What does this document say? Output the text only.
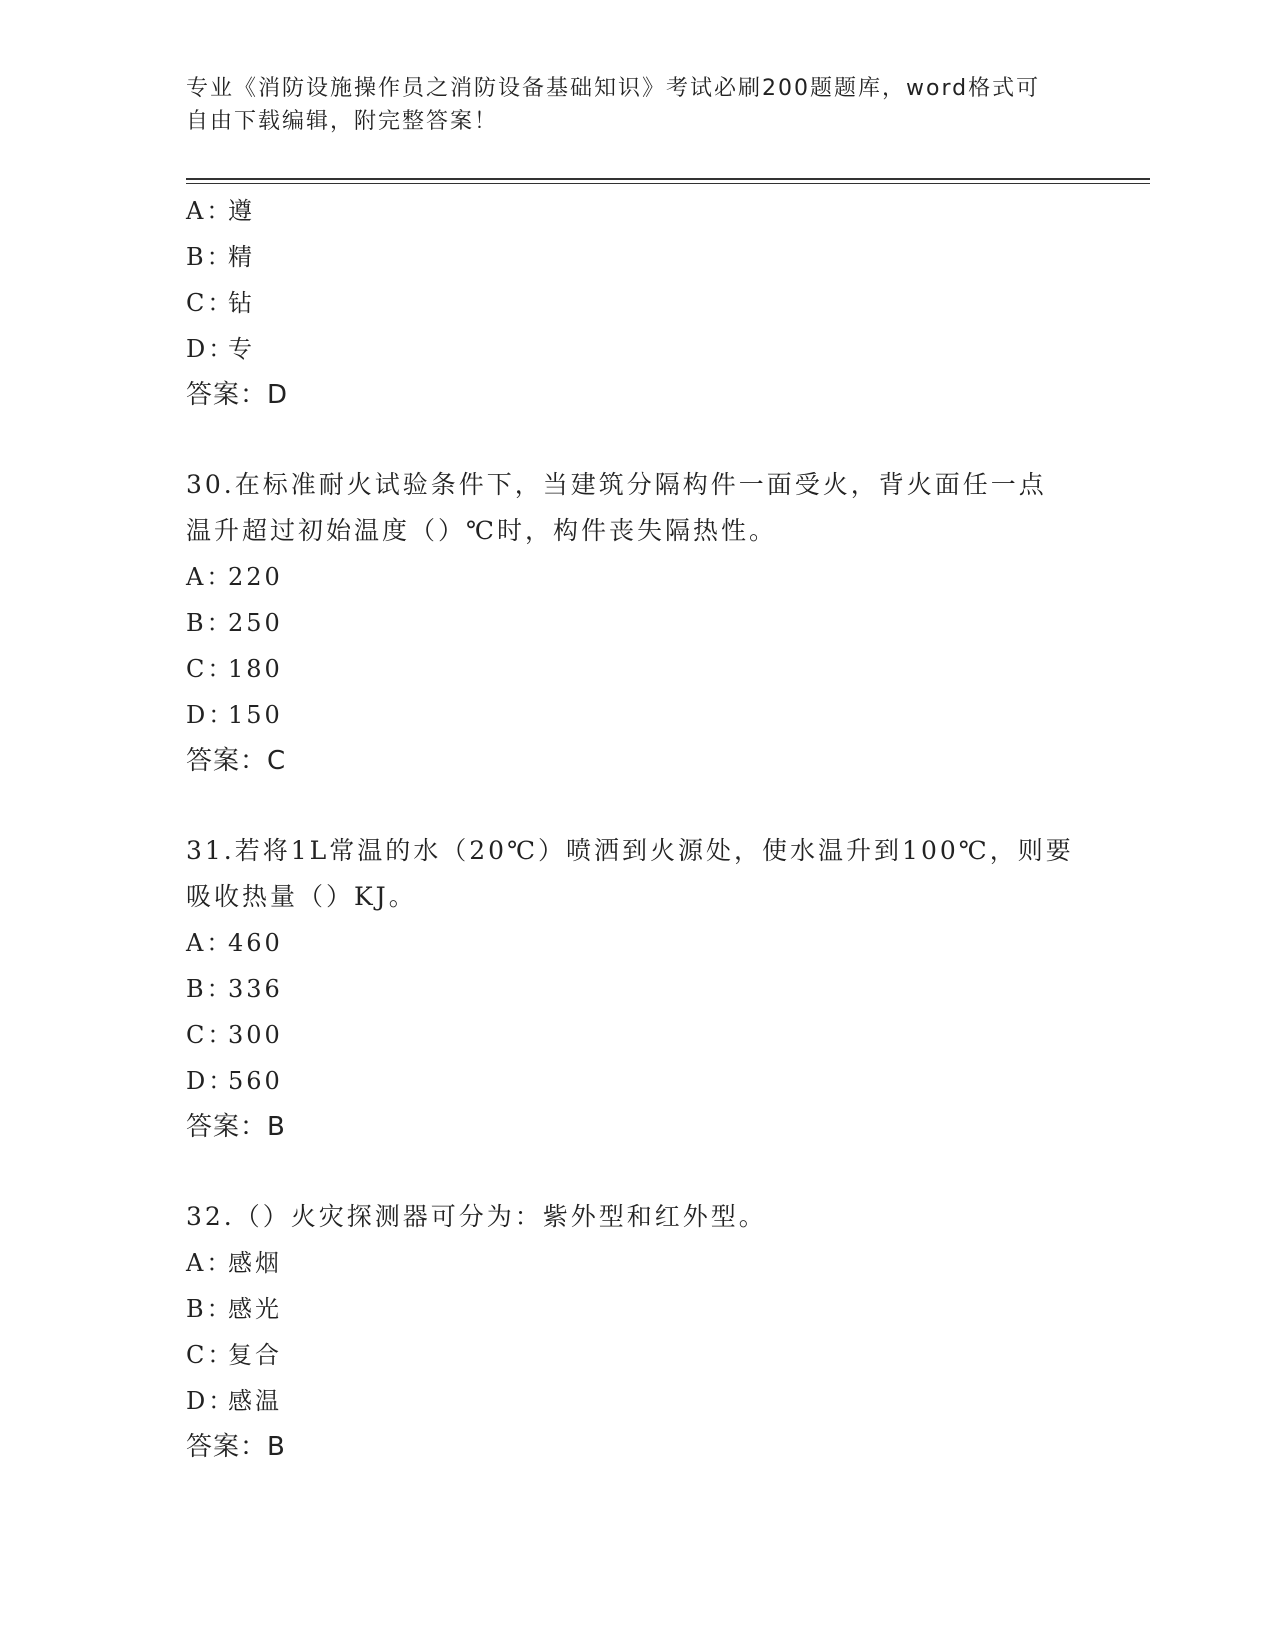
专业《消防设施操作员之消防设备基础知识》考试必刷200题题库，word格式可
自由下载编辑，附完整答案！
A：遵
B：精
C：钻
D：专
答案：D
30.在标准耐火试验条件下，当建筑分隔构件一面受火，背火面任一点
温升超过初始温度（）℃时，构件丧失隔热性。
A：220
B：250
C：180
D：150
答案：C
31.若将1L常温的水（20℃）喷洒到火源处，使水温升到100℃，则要
吸收热量（）KJ。
A：460
B：336
C：300
D：560
答案：B
32.（）火灾探测器可分为：紫外型和红外型。
A：感烟
B：感光
C：复合
D：感温
答案：B
